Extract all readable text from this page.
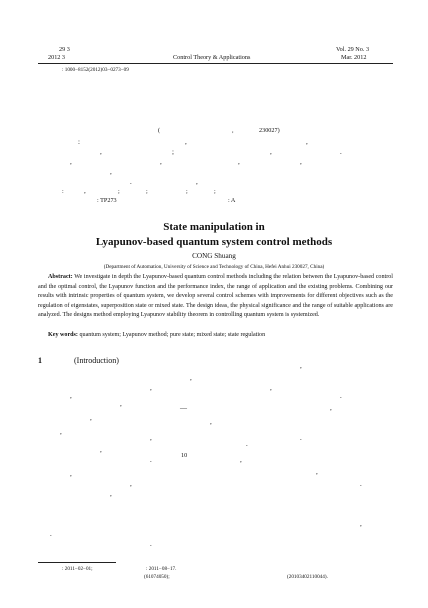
29 3
2012 3	Control Theory & Applications
Vol. 29 No. 3
Mar. 2012
: 1000−8152(2012)03−0273−09
(	,	230027)
:	,	,
,	;	,	.
,	,	,	,
,
.
,
,
:	;	;	;	;
: TP273	: A
State manipulation in
Lyapunov-based quantum system control methods
CONG Shuang
(Department of Automation, University of Science and Technology of China, Hefei Anhui 230027, China)
Abstract: We investigate in depth the Lyapunov-based quantum control methods including the relation between the Lyapunov-based control and the optimal control, the Lyapunov function and the performance index, the range of application and the existing problems. Combining our results with intrinsic properties of quantum system, we develop several control schemes with improvements for different objectives such as the regulation of eigenstates, superposition state or mixed state. The design ideas, the physical significance and the range of suitable applications are analyzed. The designs method employing Lyapunov stability theorem in controlling quantum system is systemized.
Key words: quantum system; Lyapunov method; pure state; mixed state; state regulation
1	(Introduction)
,
,
,	,
,	.
,	—	,
,	,
,
,	.
.
,
.	,
,
,
,	.
,
,
.
.
10
: 2011−02−01;	: 2011−08−17.
(61074050);	(20103402110044).
